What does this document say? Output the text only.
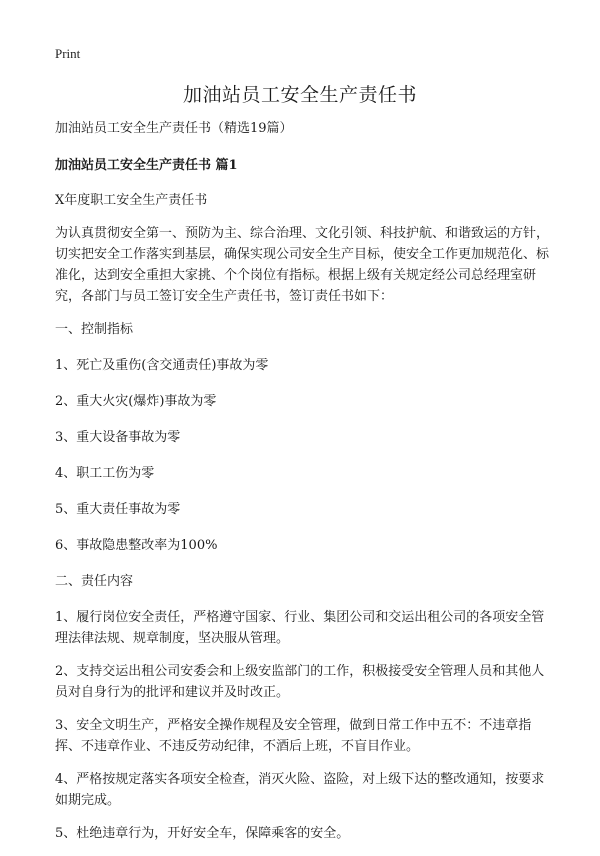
Print
加油站员工安全生产责任书

加油站员工安全生产责任书（精选19篇）

加油站员工安全生产责任书 篇1

X年度职工安全生产责任书

为认真贯彻安全第一、预防为主、综合治理、文化引领、科技护航、和谐致运的方针，切实把安全工作落实到基层，确保实现公司安全生产目标，使安全工作更加规范化、标准化，达到安全重担大家挑、个个岗位有指标。根据上级有关规定经公司总经理室研究，各部门与员工签订安全生产责任书，签订责任书如下：

一、控制指标

1、死亡及重伤(含交通责任)事故为零

2、重大火灾(爆炸)事故为零

3、重大设备事故为零

4、职工工伤为零

5、重大责任事故为零

6、事故隐患整改率为100%

二、责任内容

1、履行岗位安全责任，严格遵守国家、行业、集团公司和交运出租公司的各项安全管理法律法规、规章制度，坚决服从管理。

2、支持交运出租公司安委会和上级安监部门的工作，积极接受安全管理人员和其他人员对自身行为的批评和建议并及时改正。

3、安全文明生产，严格安全操作规程及安全管理，做到日常工作中五不：不违章指挥、不违章作业、不违反劳动纪律，不酒后上班，不盲目作业。

4、严格按规定落实各项安全检查，消灭火险、盗险，对上级下达的整改通知，按要求如期完成。

5、杜绝违章行为，开好安全车，保障乘客的安全。
